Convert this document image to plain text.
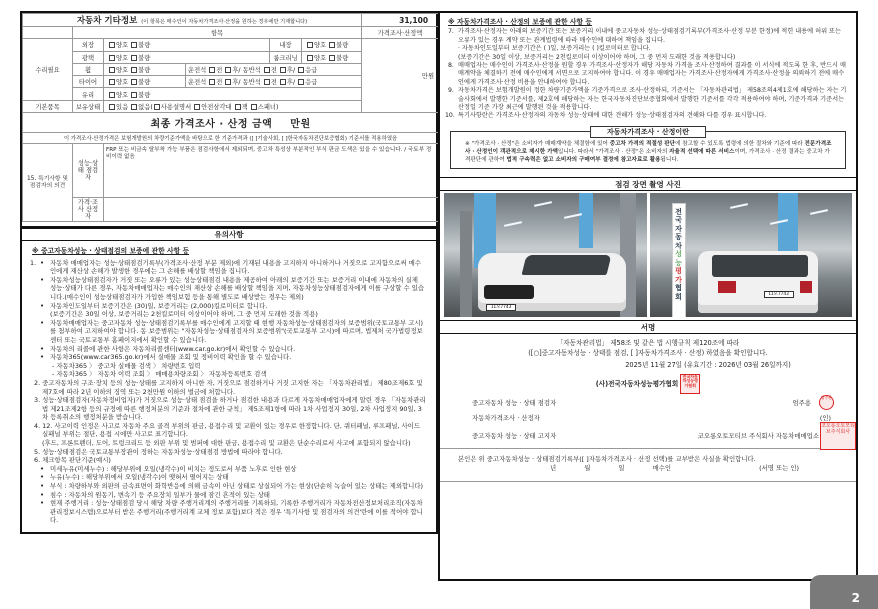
자동차 기타정보 (이 항목은 매수인이 자동차가격조사·산정을 원하는 경우에만 기재합니다)						31,100
	항목					가격조사·산정액
수리필요	외장	양호 불량		내장	양호 불량	만원
	광택	양호 불량		룸크리닝	양호 불량	
	휠	양호 불량	운전석 전 후/ 동반석 전 후/ 응급			
	타이어	양호 불량	운전석 전 후/ 동반석 전 후/ 응급			
	유리	양호 불량				
기본품목	보유상태	있음 없음( 사용설명서 안전삼각대 잭 스패너)				
최종 가격조사 · 산정 금액 만원						
이 가격조사·산정가격은 보험개발원의 차량기준가액을 바탕으로 한 기준가격과 ([ ]기술사회, [ ]한국자동차진단보증협회) 기준서를 적용하였음						
15. 특기사항 및 점검자의 의견	성능·상태 점검자	FRP 또는 비금속 탈부착 가능 부품은 점검사항에서 제외되며, 중고차 특성상 부분적인 부식 판금 도색은 있을 수 있습니다. / 국토부 정비이력 없음				
	가격·조사 산정자					
유의사항
※ 중고자동차성능 · 상태점검의 보증에 관한 사항 등
• 1. 자동차 매매업자는 성능·상태점검기록부(가격조사·산정 부분 제외)에 기재된 내용을 고지하지 아니하거나 거짓으로 고지함으로써 매수인에게 재산상 손해가 발생한 경우에는 그 손해를 배상할 책임을 집니다.
• 자동차성능상태점검자가 거짓 또는 오류가 있는 성능상태점검 내용을 제공하여 아래의 보증기간 또는 보증거리 이내에 자동차의 실제 성능·상태가 다른 경우, 자동차매매업자는 매수인의 재산상 손해를 배상할 책임을 지며, 자동차성능상태점검자에게 이를 구상할 수 있습니다.(매수인이 성능상태점검자가 가입한 책임보험 등을 통해 별도로 배상받는 경우는 제외)
• 자동차인도일부터 보증기간은 (30)일, 보증거리는 (2,000)킬로미터로 합니다.
(보증기간은 30일 이상, 보증거리는 2천킬로미터 이상이어야 하며, 그 중 먼저 도래한 것을 적용)
• 자동차매매업자는 중고자동차 성능·상태점검기록부를 매수인에게 고지할 때 현행 자동차성능·상태점검자의 보증범위(국토교통부 고시)를 첨부하여 고지하여야 합니다. 동 보증범위는 "자동차성능·상태점검자의 보증범위"(국토교통부 고시)에 따르며, 법제처 국가법령정보센터 또는 국토교통부 홈페이지에서 확인할 수 있습니다.
• 자동차의 리콜에 관한 사항은 자동차리콜센터(www.car.go.kr)에서 확인할 수 있습니다.
• 자동차365(www.car365.go.kr)에서 실매물 조회 및 정비이력 확인을 할 수 있습니다.
- 자동차365 〉 중고차 실매물 검색 〉 차량번호 입력
- 자동차365 〉 자동차 이력 조회 〉 매매용차량조회 〉 자동차등록번호 검색
2. 중고자동차의 구조·장치 등의 성능·상태를 고지하지 아니한 자, 거짓으로 점검하거나 거짓 고지한 자는 「자동차관리법」 제80조제6호 및 제7호에 따라 2년 이하의 징역 또는 2천만원 이하의 벌금에 처합니다.
3. 성능·상태점검자(자동차정비업자)가 거짓으로 성능·상태 점검을 하거나 점검한 내용과 다르게 자동차매매업자에게 알린 경우 「자동차관리법 제21조제2항 등의 규정에 따른 행정처분의 기준과 절차에 관한 규칙」 제5조제1항에 따라 1차 사업정지 30일, 2차 사업정지 90일, 3차 등록취소의 행정처분을 받습니다.
4. 12. 사고이력 인정은 사고로 자동차 주요 골격 부위의 판금, 용접수리 및 교환이 있는 경우로 한정합니다. 단, 쿼터패널, 루프패널, 사이드실패널 부위는 절단, 용접 시에만 사고로 표기합니다.
(후드, 프론트펜더, 도어, 트렁크리드 등 외판 부위 및 범퍼에 대한 판금, 용접수리 및 교환은 단순수리로서 사고에 포함되지 않습니다)
5. 성능·상태점검은 국토교통부장관이 정하는 자동차성능·상태점검 방법에 따라야 합니다.
6. 체크항목 판단기준(예시)
• 미세누유(미세누수) : 해당부위에 오일(냉각수)이 비치는 정도로서 부품 노후로 인한 현상
• 누유(누수) : 해당부위에서 오일(냉각수)이 맺혀서 떨어지는 상태
• 부식 : 차량하부와 외판의 금속표면이 화학반응에 의해 금속이 아닌 상태로 상실되어 가는 현상(단순히 녹슬어 있는 상태는 제외합니다)
• 침수 : 자동차의 원동기, 변속기 등 주요장치 일부가 물에 잠긴 흔적이 있는 상태
• 현재 주행거리 : 성능·상태점검 당시 해당 차량 주행거리계의 주행거리를 기록하되, 기록한 주행거리가 자동차전산정보처리조직(자동차관리정보시스템)으로부터 받은 주행거리(주행거리계 교체 정보 포함)보다 적은 경우 '특기사항 및 점검자의 의견'란에 이를 적어야 합니다.
※ 자동차가격조사 · 산정의 보증에 관한 사항 등
7. 가격조사·산정자는 아래의 보증기간 또는 보증거리 이내에 중고자동차 성능·상태점검기록부(가격조사·산정 부분 한정)에 적힌 내용에 허위 또는 오류가 있는 경우 계약 또는 관계법령에 따라 매수인에 대하여 책임을 집니다.
· 자동차인도일부터 보증기간은 ( )일, 보증거리는 ( )킬로미터로 합니다.
(보증기간은 30일 이상, 보증거리는 2천킬로미터 이상이어야 하며, 그 중 먼저 도래한 것을 적용합니다)
8. 매매업자는 매수인이 가격조사·산정을 원할 경우 가격조사·산정자가 해당 자동차 가격을 조사·산정하여 결과를 이 서식에 적도록 한 후, 반드시 매매계약을 체결하기 전에 매수인에게 서면으로 고지하여야 합니다. 이 경우 매매업자는 가격조사·산정자에게 가격조사·산정을 의뢰하기 전에 매수인에게 가격조사·산정 비용을 안내하여야 합니다.
9. 자동차가격은 보험개발원이 정한 차량기준가액을 기준가격으로 조사·산정하되, 기준서는 「자동차관리법」 제58조의4제1호에 해당하는 자는 기술사회에서 발행한 기준서를, 제2호에 해당하는 자는 한국자동차진단보증협회에서 발행한 기준서를 각각 적용하여야 하며, 기준가격과 기준서는 산정일 기준 가장 최근에 발행된 것을 적용합니다.
10. 특기사항란은 가격조사·산정자의 자동차 성능·상태에 대한 견해가 성능·상태점검자의 견해와 다를 경우 표시합니다.
자동차가격조사 · 산정이란
※ "가격조사 · 산정"은 소비자가 매매계약을 체결함에 있어 중고차 가격의 적절성 판단에 참고할 수 있도록 법령에 의한 절차와 기준에 따라 전문가격조사 · 산정인이 객관적으로 제시한 가액입니다. 따라서 "가격조사 · 산정"은 소비자의 자율적 선택에 따른 서비스이며, 가격조사 · 산정 결과는 중고차 가격판단에 관하여 법적 구속력은 없고 소비자의 구매여부 결정에 참고자료로 활용됩니다.
점검 장면 촬영 사진
11모7743
전
국
자
동
차
성
능
평
가
협
회	11모7743
서명
「자동차관리법」 제58조 및 같은 법 시행규칙 제120조에 따라
([○]중고자동차성능 · 상태를 점검, [ ]자동차가격조사 · 산정) 하였음을 확인합니다.
2025년 11월 27일 (유효기간 : 2026년 03월 26일까지)
(사)전국자동차성능평가협회
전국자동차성능평가협회
중고자동차 성능 · 상태 점검자	엄주용
엄주용
자동차가격조사 · 산정자	(인)
중고자동차 성능 · 상태 고지자	코오롱오토모티브 주식회사 자동차매매업소
코오롱오토모티브주식회사
본인은 위 중고자동차성능 · 상태점검기록부([ ]자동차가격조사 · 산정 선택)를 교부받은 사실을 확인합니다.
년	월	일	매수인	(서명 또는 인)
2
